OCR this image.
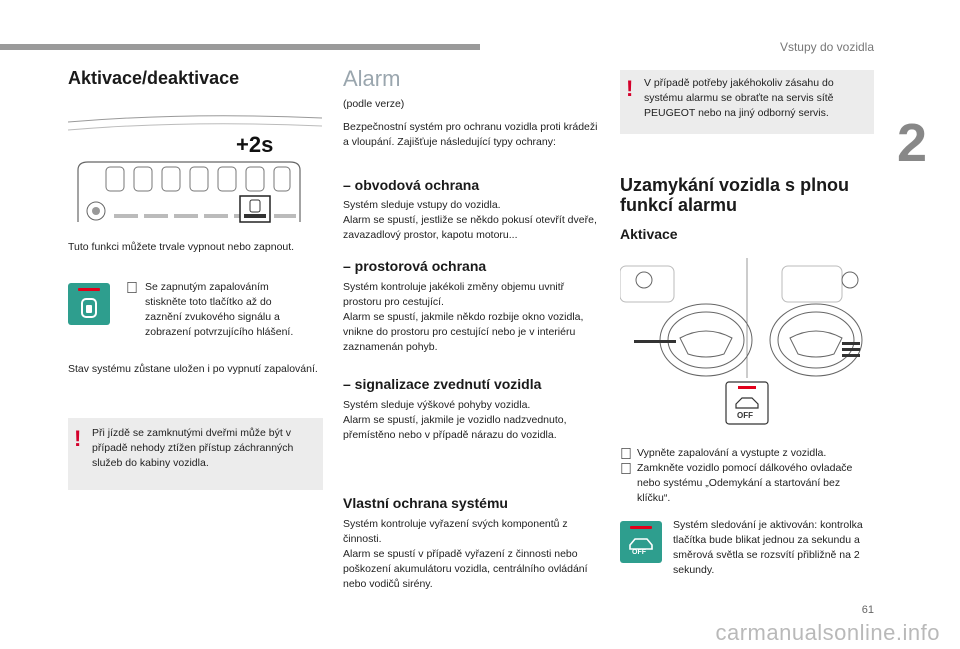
Vstupy do vozidla
2
Aktivace/deaktivace
+2s

Tuto funkci můžete trvale vypnout nebo zapnout.

Se zapnutým zapalováním stiskněte toto tlačítko až do zaznění zvukového signálu a zobrazení potvrzujícího hlášení.

Stav systému zůstane uložen i po vypnutí zapalování.

! Při jízdě se zamknutými dveřmi může být v případě nehody ztížen přístup záchranných služeb do kabiny vozidla.

Alarm

(podle verze)

Bezpečnostní systém pro ochranu vozidla proti krádeži a vloupání. Zajišťuje následující typy ochrany:

– obvodová ochrana

Systém sleduje vstupy do vozidla.

Alarm se spustí, jestliže se někdo pokusí otevřít dveře, zavazadlový prostor, kapotu motoru...

– prostorová ochrana

Systém kontroluje jakékoli změny objemu uvnitř prostoru pro cestující.

Alarm se spustí, jakmile někdo rozbije okno vozidla, vnikne do prostoru pro cestující nebo je v interiéru zaznamenán pohyb.

– signalizace zvednutí vozidla

Systém sleduje výškové pohyby vozidla.

Alarm se spustí, jakmile je vozidlo nadzvednuto, přemístěno nebo v případě nárazu do vozidla.

Vlastní ochrana systému

Systém kontroluje vyřazení svých komponentů z činnosti.

Alarm se spustí v případě vyřazení z činnosti nebo poškození akumulátoru vozidla, centrálního ovládání nebo vodičů sirény.

! V případě potřeby jakéhokoliv zásahu do systému alarmu se obraťte na servis sítě PEUGEOT nebo na jiný odborný servis.

Uzamykání vozidla s plnou funkcí alarmu
Aktivace
OFF

Vypněte zapalování a vystupte z vozidla.

Zamkněte vozidlo pomocí dálkového ovladače nebo systému „Odemykání a startování bez klíčku“.

OFF

Systém sledování je aktivován: kontrolka tlačítka bude blikat jednou za sekundu a směrová světla se rozsvítí přibližně na 2 sekundy.

61
carmanualsonline.info
